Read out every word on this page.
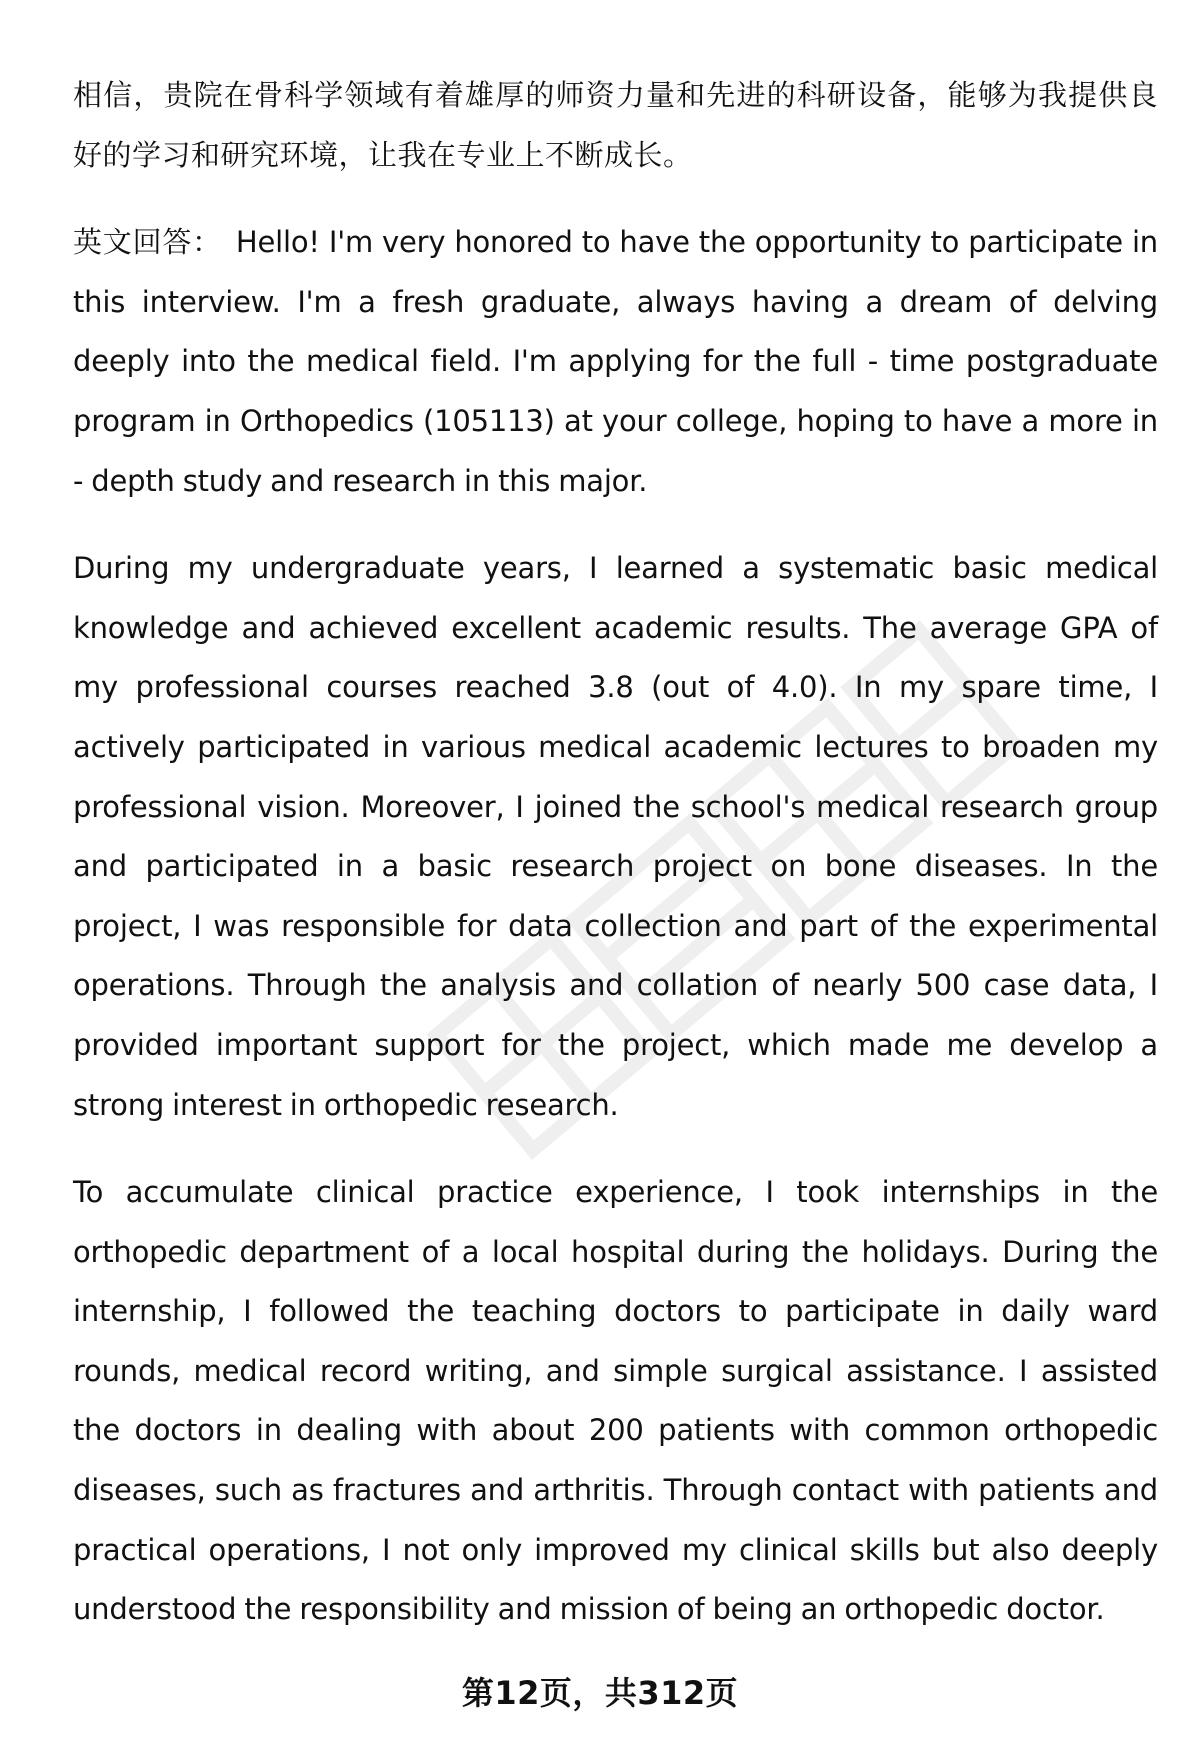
相信，贵院在骨科学领域有着雄厚的师资力量和先进的科研设备，能够为我提供良好的学习和研究环境，让我在专业上不断成长。

英文回答： Hello! I'm very honored to have the opportunity to participate in this interview. I'm a fresh graduate, always having a dream of delving deeply into the medical field. I'm applying for the full - time postgraduate program in Orthopedics (105113) at your college, hoping to have a more in - depth study and research in this major.

During my undergraduate years, I learned a systematic basic medical knowledge and achieved excellent academic results. The average GPA of my professional courses reached 3.8 (out of 4.0). In my spare time, I actively participated in various medical academic lectures to broaden my professional vision. Moreover, I joined the school's medical research group and participated in a basic research project on bone diseases. In the project, I was responsible for data collection and part of the experimental operations. Through the analysis and collation of nearly 500 case data, I provided important support for the project, which made me develop a strong interest in orthopedic research.

To accumulate clinical practice experience, I took internships in the orthopedic department of a local hospital during the holidays. During the internship, I followed the teaching doctors to participate in daily ward rounds, medical record writing, and simple surgical assistance. I assisted the doctors in dealing with about 200 patients with common orthopedic diseases, such as fractures and arthritis. Through contact with patients and practical operations, I not only improved my clinical skills but also deeply understood the responsibility and mission of being an orthopedic doctor.

第12页，共312页
